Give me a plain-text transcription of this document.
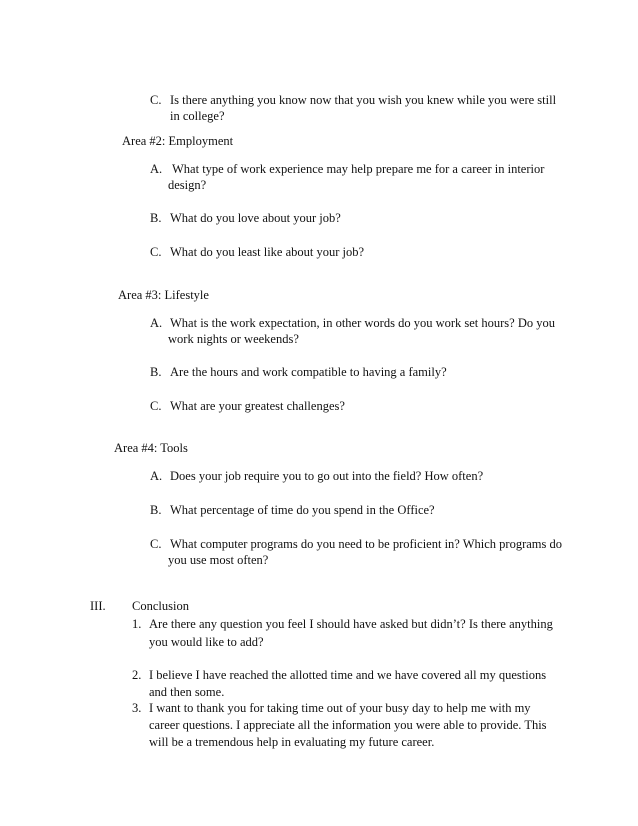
C. Is there anything you know now that you wish you knew while you were still
in college?
Area #2: Employment
A. What type of work experience may help prepare me for a career in interior
design?
B. What do you love about your job?
C. What do you least like about your job?
Area #3: Lifestyle
A. What is the work expectation, in other words do you work set hours? Do you
work nights or weekends?
B. Are the hours and work compatible to having a family?
C. What are your greatest challenges?
Area #4: Tools
A. Does your job require you to go out into the field? How often?
B. What percentage of time do you spend in the Office?
C. What computer programs do you need to be proficient in? Which programs do
you use most often?
III. Conclusion
1. Are there any question you feel I should have asked but didn’t? Is there anything
you would like to add?
2. I believe I have reached the allotted time and we have covered all my questions
and then some.
3. I want to thank you for taking time out of your busy day to help me with my
career questions. I appreciate all the information you were able to provide. This
will be a tremendous help in evaluating my future career.
